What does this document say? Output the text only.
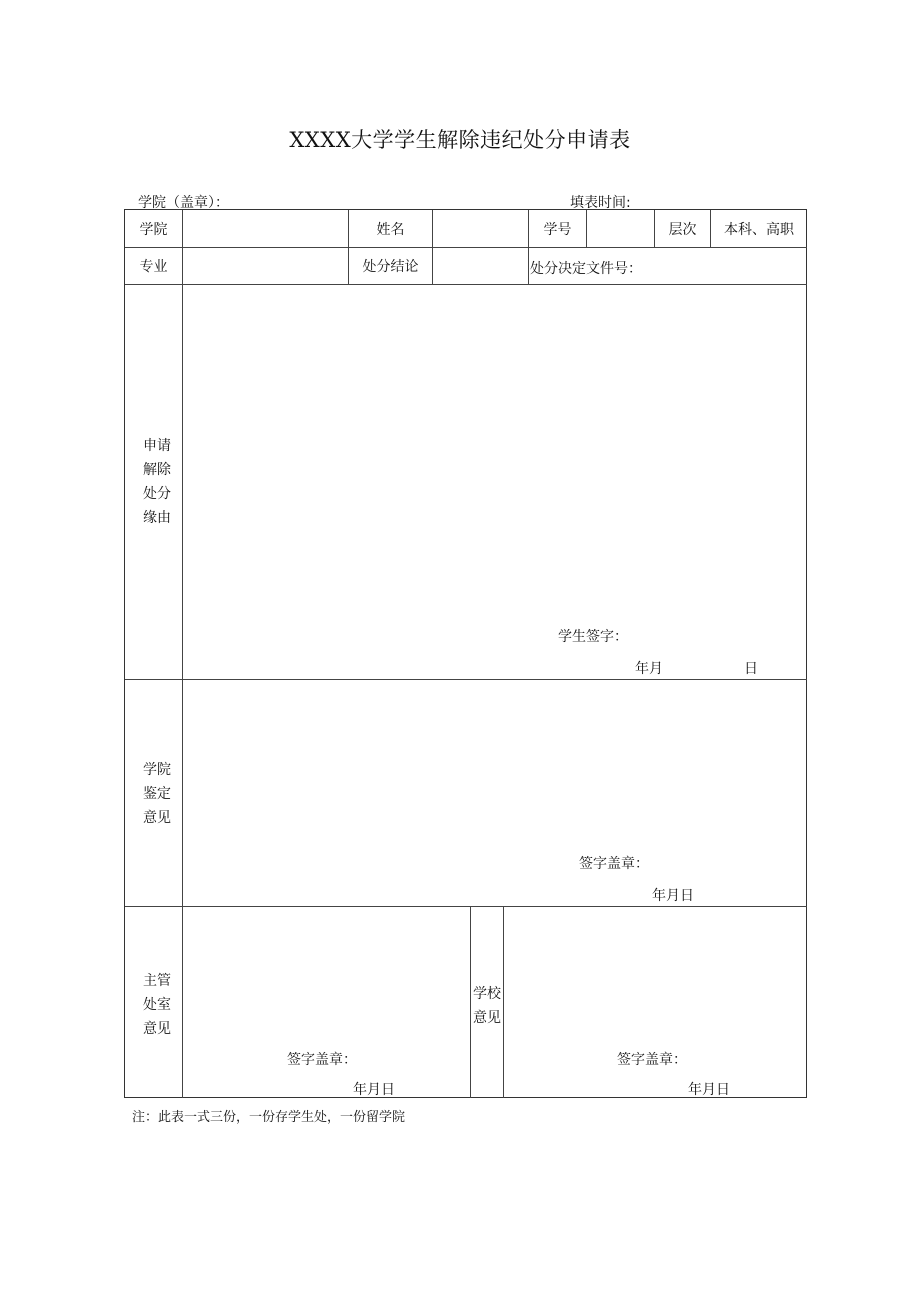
XXXX大学学生解除违纪处分申请表
学院（盖章）：	填表时间:
学院	姓名	学号	层次	本科、高职
专业	处分结论	处分决定文件号：
申请
解除
处分
缘由
学生签字：
年月	日
学院
鉴定
意见
签字盖章：
年月日
主管
处室
意见
签字盖章：
年月日
学校
意见
签字盖章：
年月日
注：此表一式三份，一份存学生处，一份留学院
